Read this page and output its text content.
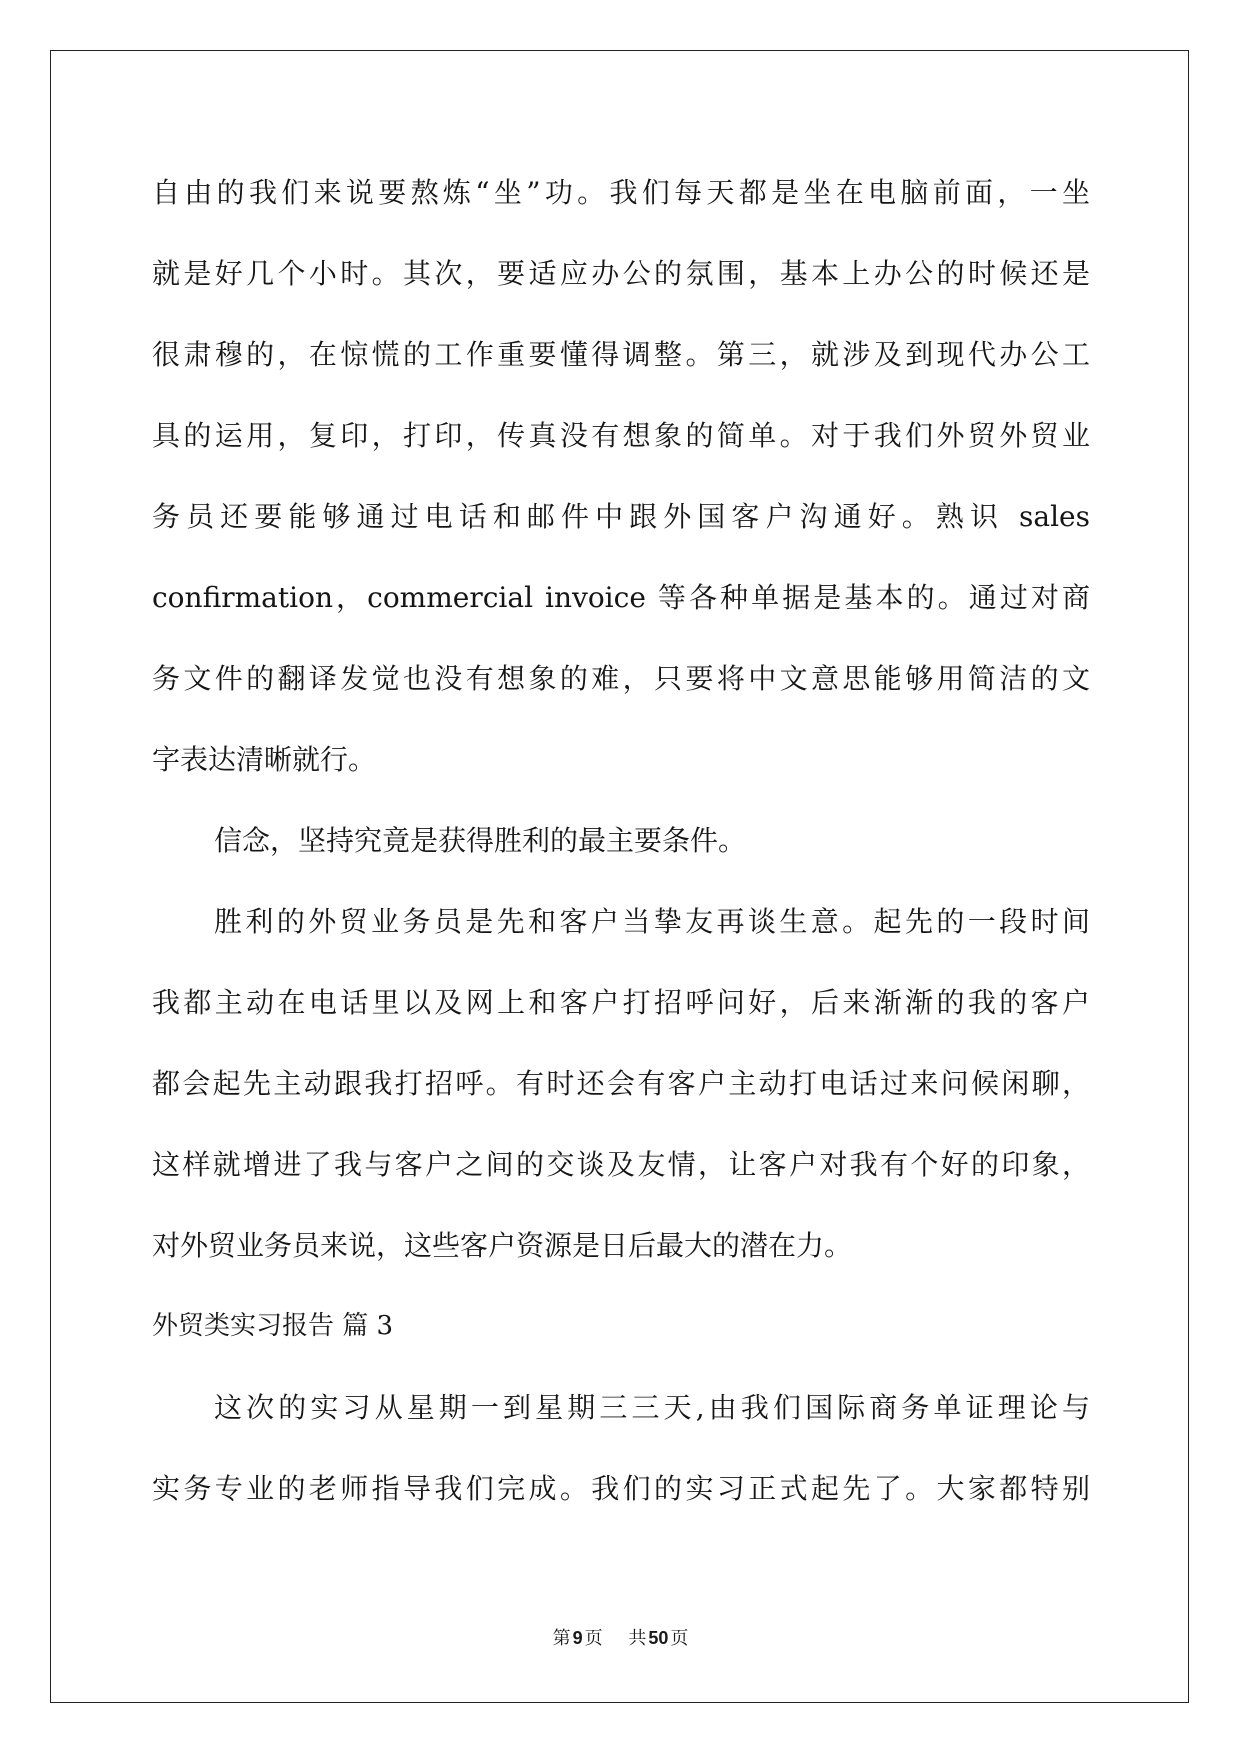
自由的我们来说要熬炼“坐”功。我们每天都是坐在电脑前面，一坐
就是好几个小时。其次，要适应办公的氛围，基本上办公的时候还是
很肃穆的，在惊慌的工作重要懂得调整。第三，就涉及到现代办公工
具的运用，复印，打印，传真没有想象的简单。对于我们外贸外贸业
务员还要能够通过电话和邮件中跟外国客户沟通好。熟识 sales
confirmation，commercial invoice 等各种单据是基本的。通过对商
务文件的翻译发觉也没有想象的难，只要将中文意思能够用简洁的文
字表达清晰就行。
信念，坚持究竟是获得胜利的最主要条件。
胜利的外贸业务员是先和客户当挚友再谈生意。起先的一段时间
我都主动在电话里以及网上和客户打招呼问好，后来渐渐的我的客户
都会起先主动跟我打招呼。有时还会有客户主动打电话过来问候闲聊，
这样就增进了我与客户之间的交谈及友情，让客户对我有个好的印象，
对外贸业务员来说，这些客户资源是日后最大的潜在力。
外贸类实习报告 篇 3
这次的实习从星期一到星期三三天,由我们国际商务单证理论与
实务专业的老师指导我们完成。我们的实习正式起先了。大家都特别
第 9 页 共 50 页
